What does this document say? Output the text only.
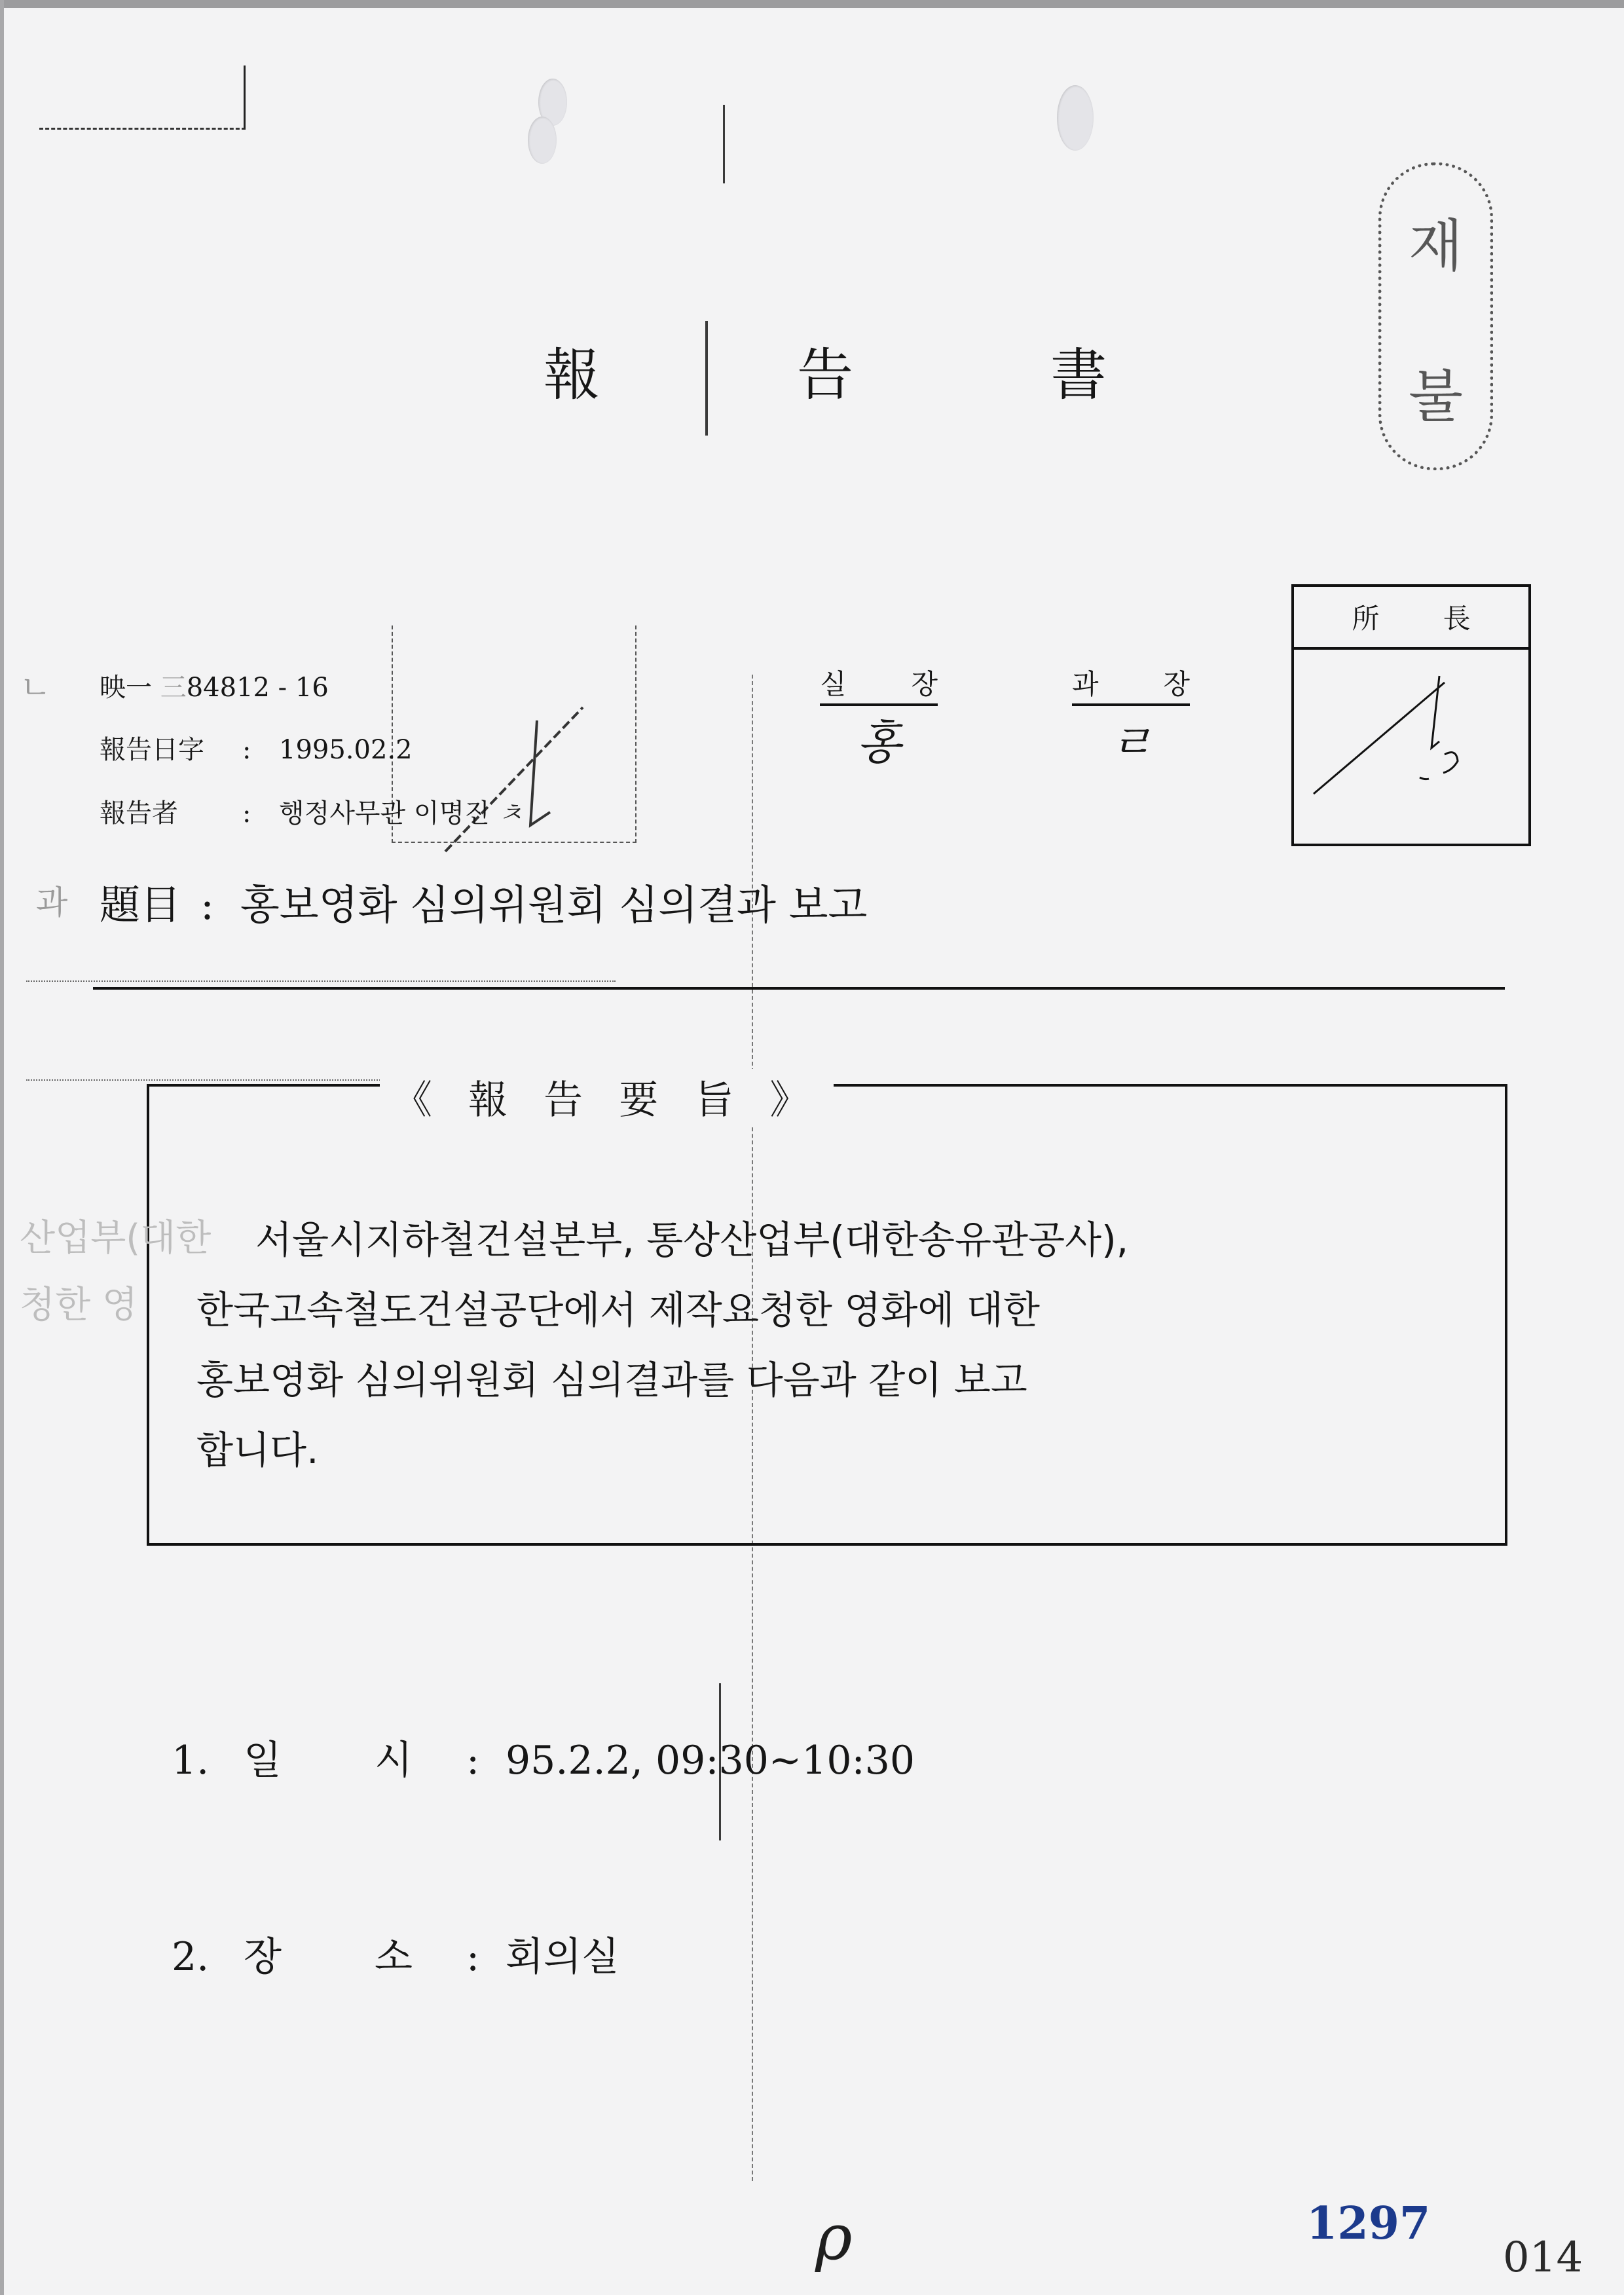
報	告	書
재
불
映一 三84812 - 16
報告日字 : 1995.02.2
報告者 : 행정사무관 이명진 ㅊ
실 장
홍
과 장
ㄹ
所 長
ㄴ
과 題目 : 홍보영화 심의위원회 심의결과 보고
《 報 告 要 旨 》
산업부(대한
청한 영
서울시지하철건설본부, 통상산업부(대한송유관공사),
한국고속철도건설공단에서 제작요청한 영화에 대한
홍보영화 심의위원회 심의결과를 다음과 같이 보고
합니다.
1. 일 시 : 95.2.2, 09:30~10:30
2. 장 소 : 회의실
ρ	1297
014
